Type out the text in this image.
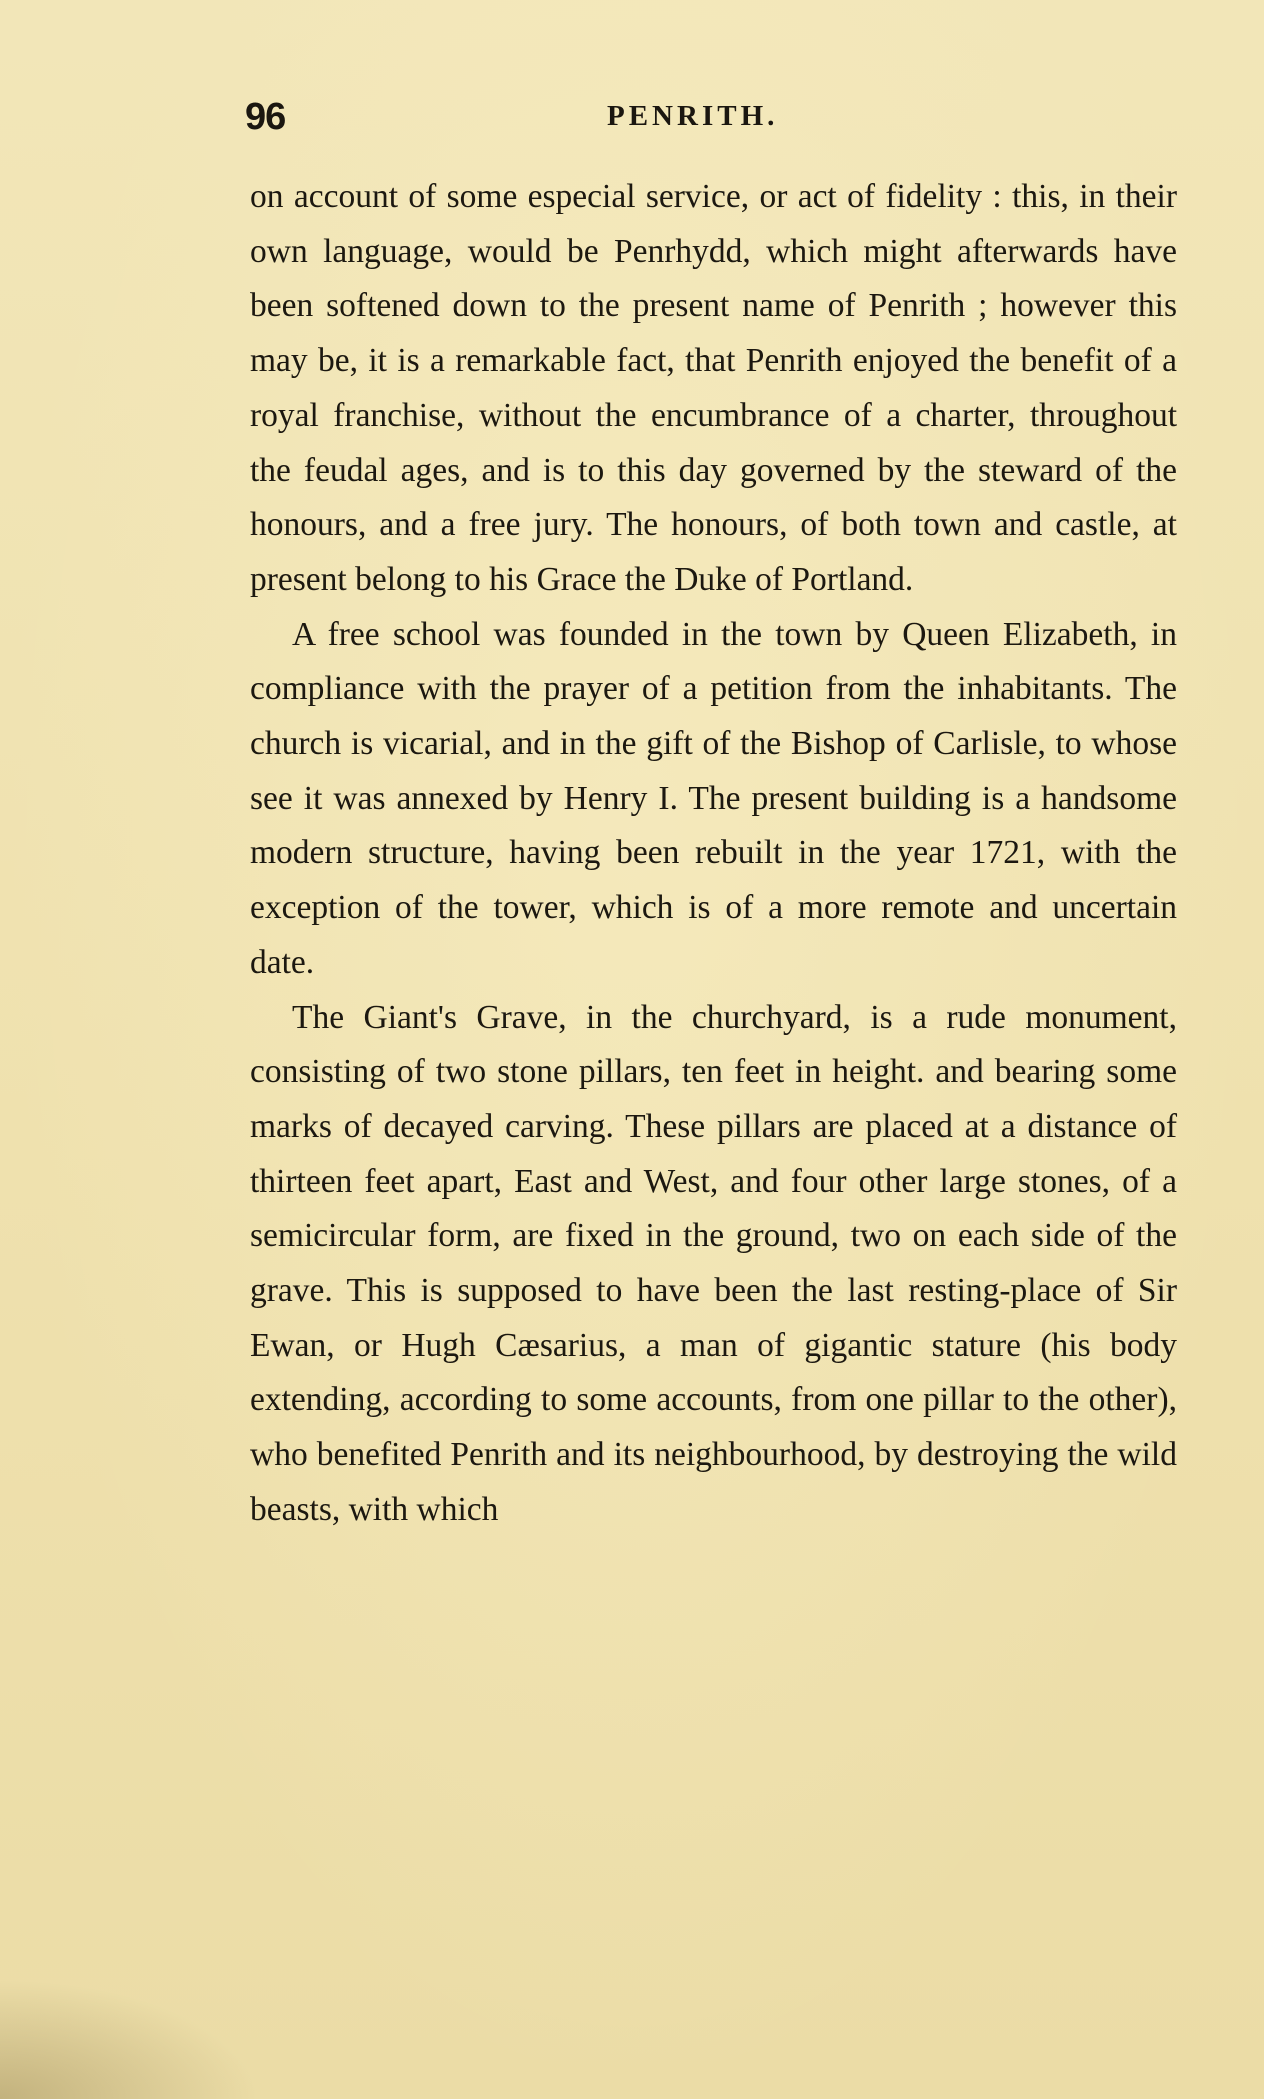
96	PENRITH.

on account of some especial service, or act of fidelity : this, in their own language, would be Penrhydd, which might afterwards have been softened down to the present name of Penrith ; however this may be, it is a remarkable fact, that Penrith enjoyed the benefit of a royal franchise, without the encumbrance of a charter, throughout the feudal ages, and is to this day governed by the steward of the honours, and a free jury. The honours, of both town and castle, at present belong to his Grace the Duke of Portland.

A free school was founded in the town by Queen Elizabeth, in compliance with the prayer of a petition from the inhabitants. The church is vicarial, and in the gift of the Bishop of Carlisle, to whose see it was annexed by Henry I. The present building is a handsome modern structure, having been rebuilt in the year 1721, with the exception of the tower, which is of a more remote and uncertain date.

The Giant's Grave, in the churchyard, is a rude monument, consisting of two stone pillars, ten feet in height. and bearing some marks of decayed carving. These pillars are placed at a distance of thirteen feet apart, East and West, and four other large stones, of a semicircular form, are fixed in the ground, two on each side of the grave. This is supposed to have been the last resting-place of Sir Ewan, or Hugh Cæsarius, a man of gigantic stature (his body extending, according to some accounts, from one pillar to the other), who benefited Penrith and its neighbourhood, by destroying the wild beasts, with which
